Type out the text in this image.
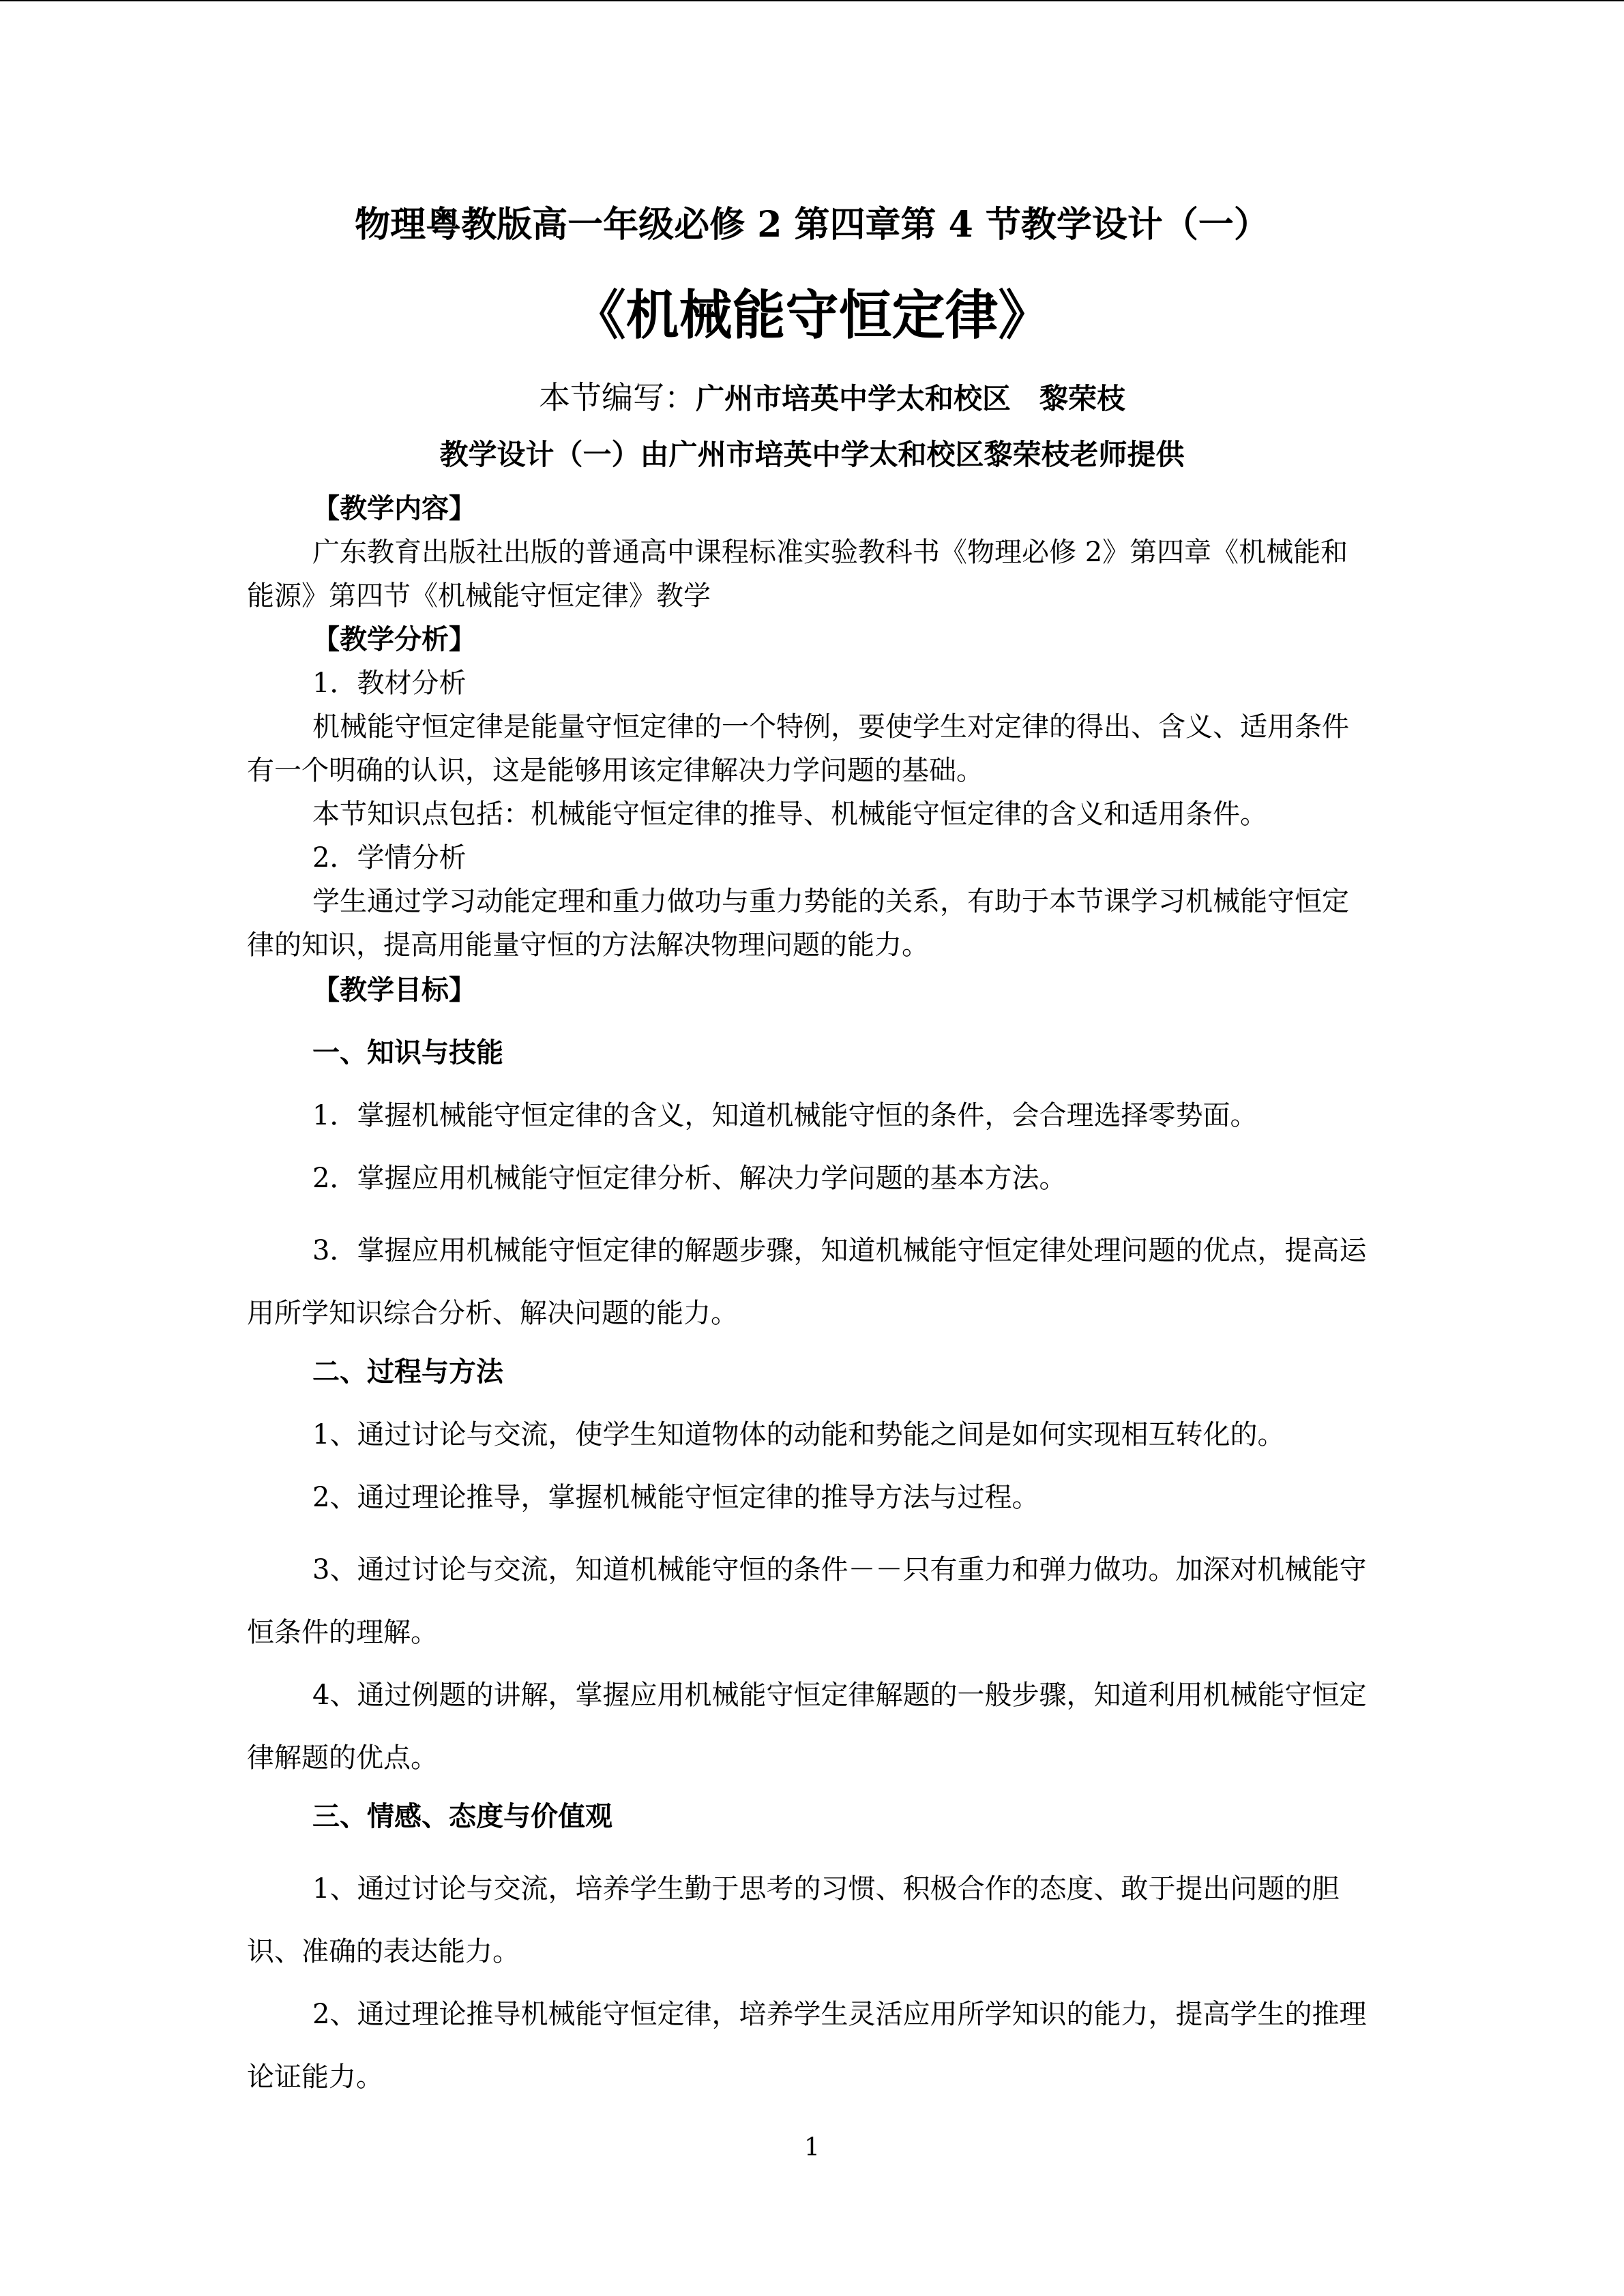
物理粤教版高一年级必修 2 第四章第 4 节教学设计（一）
《机械能守恒定律》
本节编写：广州市培英中学太和校区　黎荣枝
教学设计（一）由广州市培英中学太和校区黎荣枝老师提供
【教学内容】
广东教育出版社出版的普通高中课程标准实验教科书《物理必修 2》第四章《机械能和能源》第四节《机械能守恒定律》教学
【教学分析】
1．教材分析
机械能守恒定律是能量守恒定律的一个特例，要使学生对定律的得出、含义、适用条件有一个明确的认识，这是能够用该定律解决力学问题的基础。
本节知识点包括：机械能守恒定律的推导、机械能守恒定律的含义和适用条件。
2．学情分析
学生通过学习动能定理和重力做功与重力势能的关系，有助于本节课学习机械能守恒定律的知识，提高用能量守恒的方法解决物理问题的能力。
【教学目标】
一、知识与技能
1．掌握机械能守恒定律的含义，知道机械能守恒的条件，会合理选择零势面。
2．掌握应用机械能守恒定律分析、解决力学问题的基本方法。
3．掌握应用机械能守恒定律的解题步骤，知道机械能守恒定律处理问题的优点，提高运用所学知识综合分析、解决问题的能力。
二、过程与方法
1、通过讨论与交流，使学生知道物体的动能和势能之间是如何实现相互转化的。
2、通过理论推导，掌握机械能守恒定律的推导方法与过程。
3、通过讨论与交流，知道机械能守恒的条件－－只有重力和弹力做功。加深对机械能守恒条件的理解。
4、通过例题的讲解，掌握应用机械能守恒定律解题的一般步骤，知道利用机械能守恒定律解题的优点。
三、情感、态度与价值观
1、通过讨论与交流，培养学生勤于思考的习惯、积极合作的态度、敢于提出问题的胆识、准确的表达能力。
2、通过理论推导机械能守恒定律，培养学生灵活应用所学知识的能力，提高学生的推理论证能力。
1
